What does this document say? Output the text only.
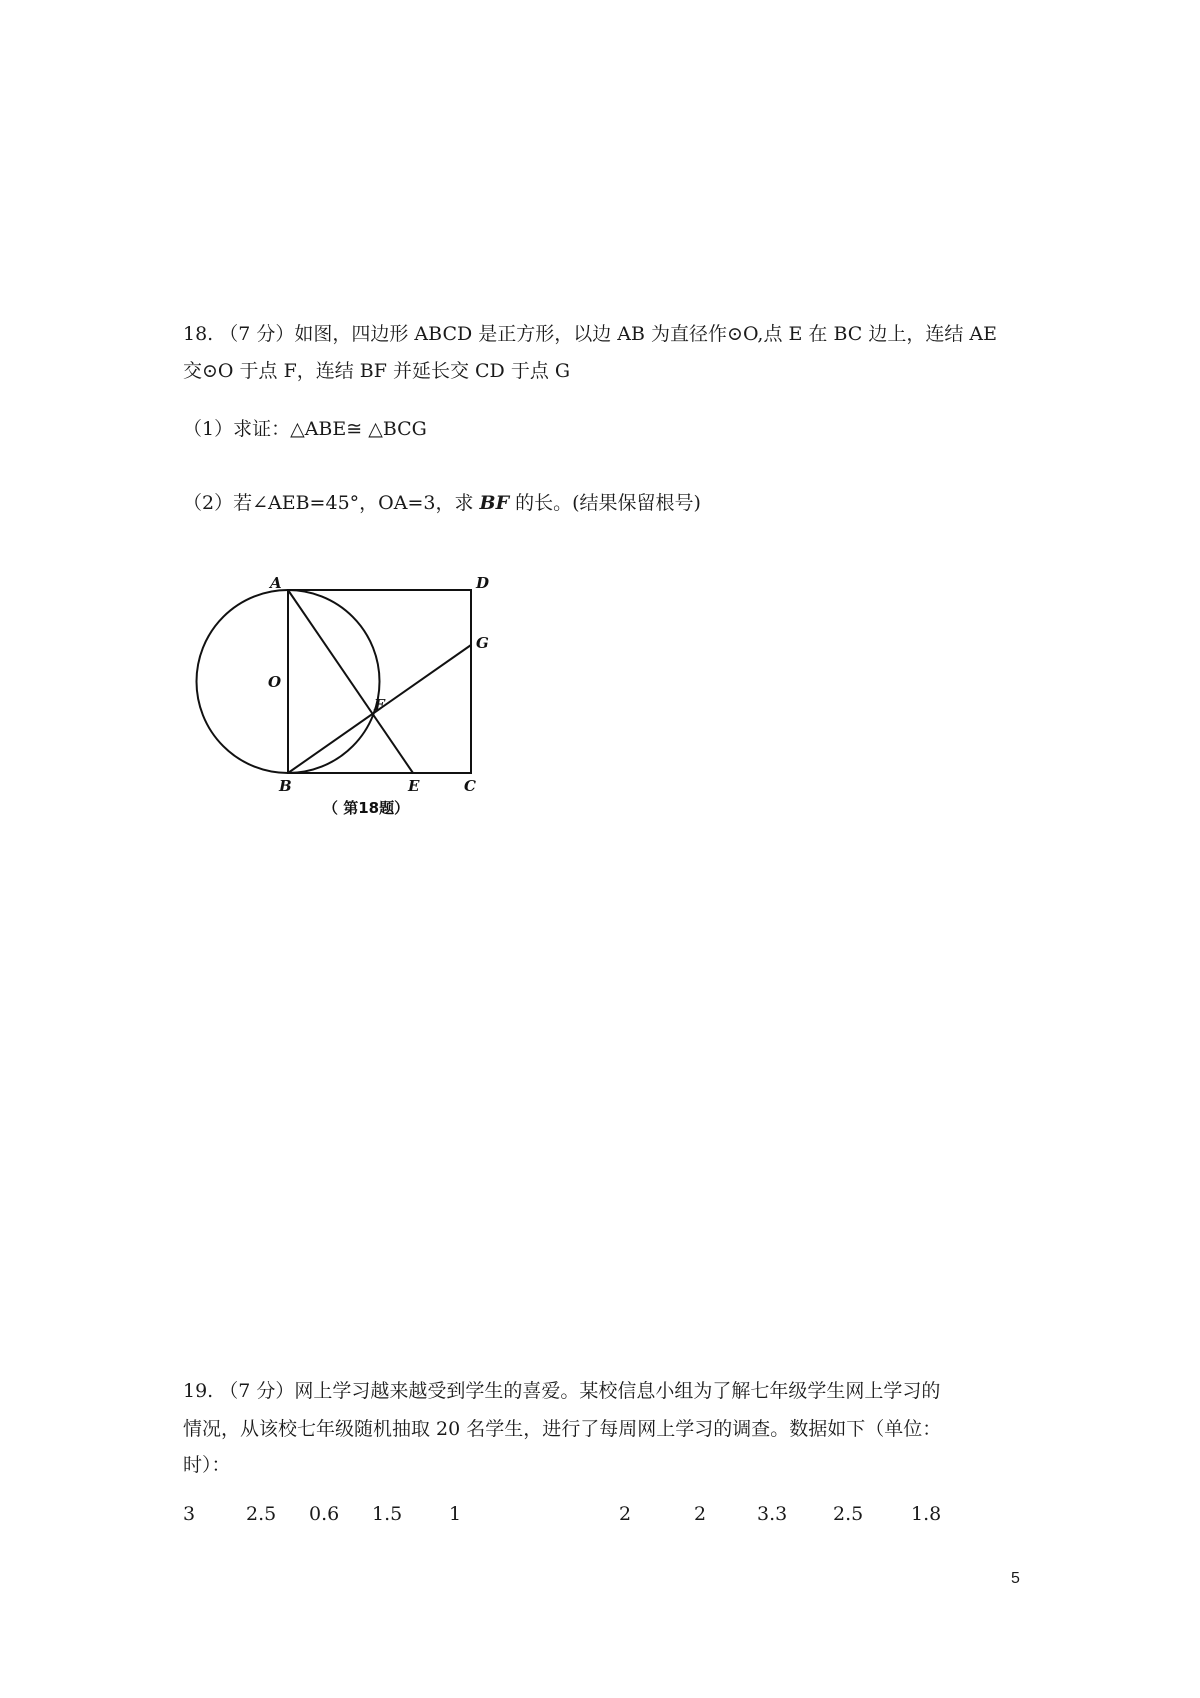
18. （7 分）如图，四边形 ABCD 是正方形，以边 AB 为直径作⊙O,点 E 在 BC 边上，连结 AE
交⊙O 于点 F，连结 BF 并延长交 CD 于点 G
（1）求证：△ABE≅ △BCG
（2）若∠AEB=45°，OA=3，求 BF 的长。(结果保留根号)
A	D
G
O
F
B	E	C
（ 第18题）
19. （7 分）网上学习越来越受到学生的喜爱。某校信息小组为了解七年级学生网上学习的
情况，从该校七年级随机抽取 20 名学生，进行了每周网上学习的调查。数据如下（单位：
时）：
3	2.5 0.6 1.5 1	2	2	3.3 2.5	1.8
5
